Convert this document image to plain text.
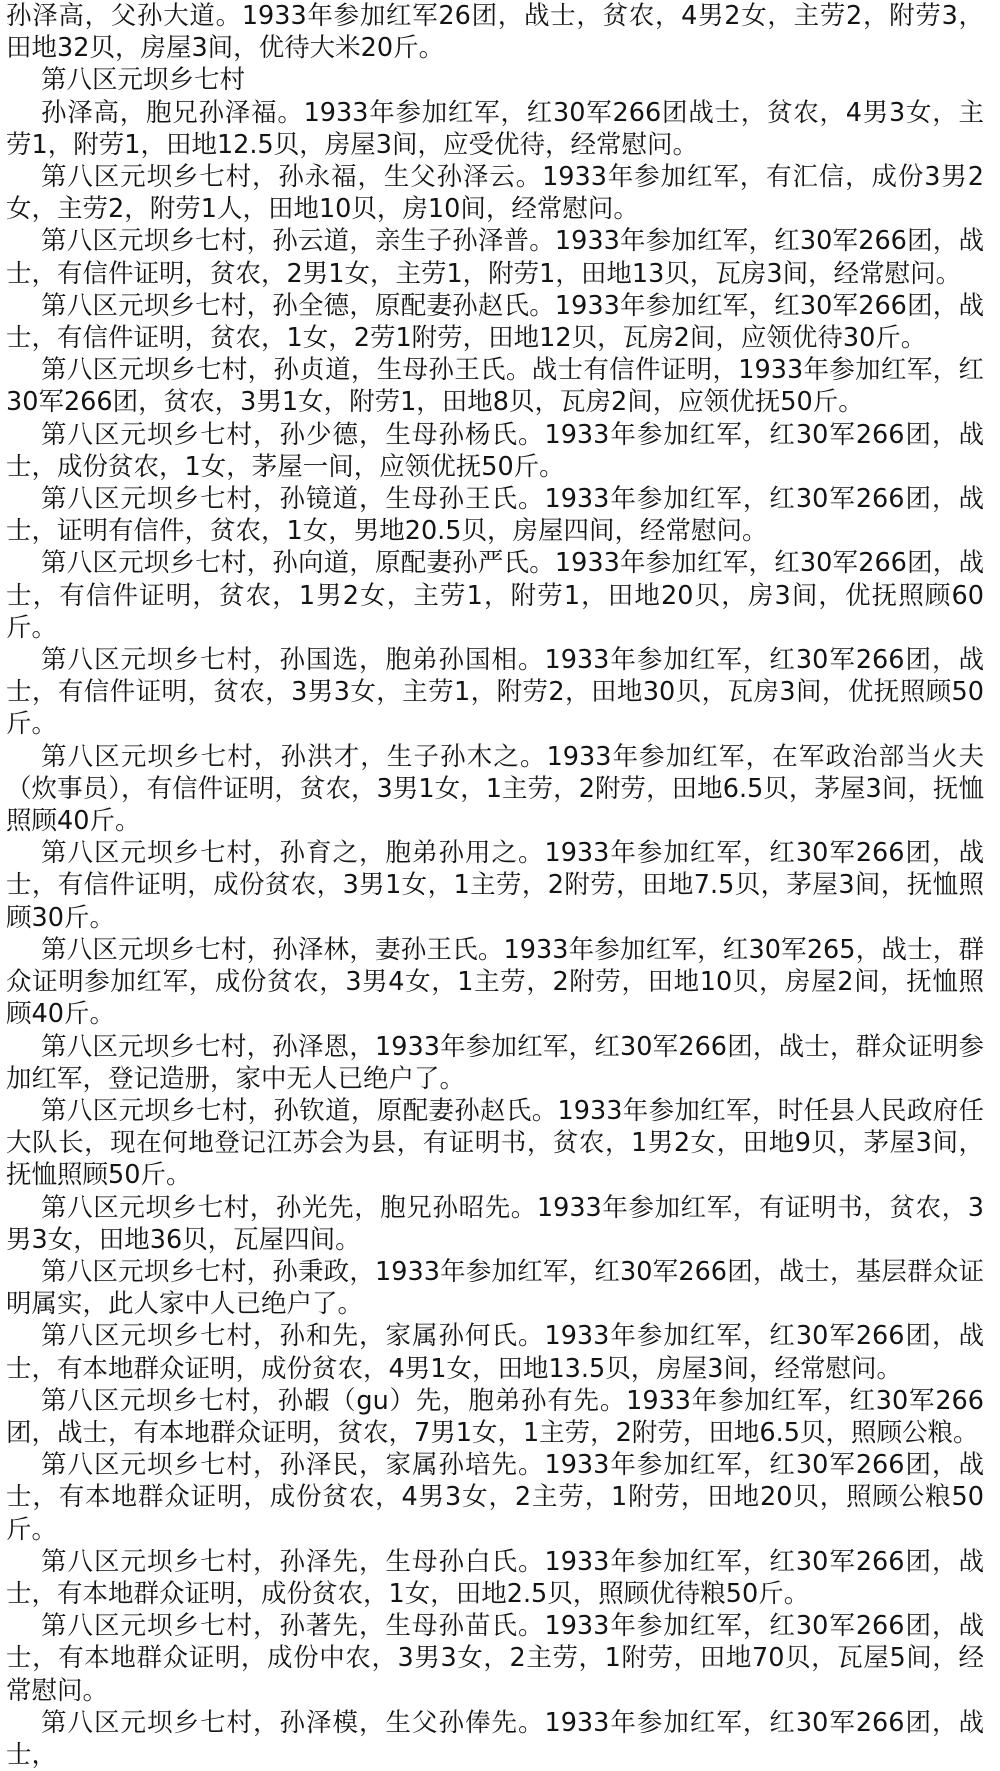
孙泽高，父孙大道。1933年参加红军26团，战士，贫农，4男2女，主劳2，附劳3，田地32贝，房屋3间，优待大米20斤。

第八区元坝乡七村

孙泽高，胞兄孙泽福。1933年参加红军，红30军266团战士，贫农，4男3女，主劳1，附劳1，田地12.5贝，房屋3间，应受优待，经常慰问。

第八区元坝乡七村，孙永福，生父孙泽云。1933年参加红军，有汇信，成份3男2女，主劳2，附劳1人，田地10贝，房10间，经常慰问。

第八区元坝乡七村，孙云道，亲生子孙泽普。1933年参加红军，红30军266团，战士，有信件证明，贫农，2男1女，主劳1，附劳1，田地13贝，瓦房3间，经常慰问。

第八区元坝乡七村，孙全德，原配妻孙赵氏。1933年参加红军，红30军266团，战士，有信件证明，贫农，1女，2劳1附劳，田地12贝，瓦房2间，应领优待30斤。

第八区元坝乡七村，孙贞道，生母孙王氏。战士有信件证明，1933年参加红军，红30军266团，贫农，3男1女，附劳1，田地8贝，瓦房2间，应领优抚50斤。

第八区元坝乡七村，孙少德，生母孙杨氏。1933年参加红军，红30军266团，战士，成份贫农，1女，茅屋一间，应领优抚50斤。

第八区元坝乡七村，孙镜道，生母孙王氏。1933年参加红军，红30军266团，战士，证明有信件，贫农，1女，男地20.5贝，房屋四间，经常慰问。

第八区元坝乡七村，孙向道，原配妻孙严氏。1933年参加红军，红30军266团，战士，有信件证明，贫农，1男2女，主劳1，附劳1，田地20贝，房3间，优抚照顾60斤。

第八区元坝乡七村，孙国选，胞弟孙国相。1933年参加红军，红30军266团，战士，有信件证明，贫农，3男3女，主劳1，附劳2，田地30贝，瓦房3间，优抚照顾50斤。

第八区元坝乡七村，孙洪才，生子孙木之。1933年参加红军，在军政治部当火夫（炊事员），有信件证明，贫农，3男1女，1主劳，2附劳，田地6.5贝，茅屋3间，抚恤照顾40斤。

第八区元坝乡七村，孙育之，胞弟孙用之。1933年参加红军，红30军266团，战士，有信件证明，成份贫农，3男1女，1主劳，2附劳，田地7.5贝，茅屋3间，抚恤照顾30斤。

第八区元坝乡七村，孙泽林，妻孙王氏。1933年参加红军，红30军265，战士，群众证明参加红军，成份贫农，3男4女，1主劳，2附劳，田地10贝，房屋2间，抚恤照顾40斤。

第八区元坝乡七村，孙泽恩，1933年参加红军，红30军266团，战士，群众证明参加红军，登记造册，家中无人已绝户了。

第八区元坝乡七村，孙钦道，原配妻孙赵氏。1933年参加红军，时任县人民政府任大队长，现在何地登记江苏会为县，有证明书，贫农，1男2女，田地9贝，茅屋3间，抚恤照顾50斤。

第八区元坝乡七村，孙光先，胞兄孙昭先。1933年参加红军，有证明书，贫农，3男3女，田地36贝，瓦屋四间。

第八区元坝乡七村，孙秉政，1933年参加红军，红30军266团，战士，基层群众证明属实，此人家中人已绝户了。

第八区元坝乡七村，孙和先，家属孙何氏。1933年参加红军，红30军266团，战士，有本地群众证明，成份贫农，4男1女，田地13.5贝，房屋3间，经常慰问。

第八区元坝乡七村，孙嘏（gu）先，胞弟孙有先。1933年参加红军，红30军266团，战士，有本地群众证明，贫农，7男1女，1主劳，2附劳，田地6.5贝，照顾公粮。

第八区元坝乡七村，孙泽民，家属孙培先。1933年参加红军，红30军266团，战士，有本地群众证明，成份贫农，4男3女，2主劳，1附劳，田地20贝，照顾公粮50斤。

第八区元坝乡七村，孙泽先，生母孙白氏。1933年参加红军，红30军266团，战士，有本地群众证明，成份贫农，1女，田地2.5贝，照顾优待粮50斤。

第八区元坝乡七村，孙著先，生母孙苗氏。1933年参加红军，红30军266团，战士，有本地群众证明，成份中农，3男3女，2主劳，1附劳，田地70贝，瓦屋5间，经常慰问。

第八区元坝乡七村，孙泽模，生父孙俸先。1933年参加红军，红30军266团，战士，
